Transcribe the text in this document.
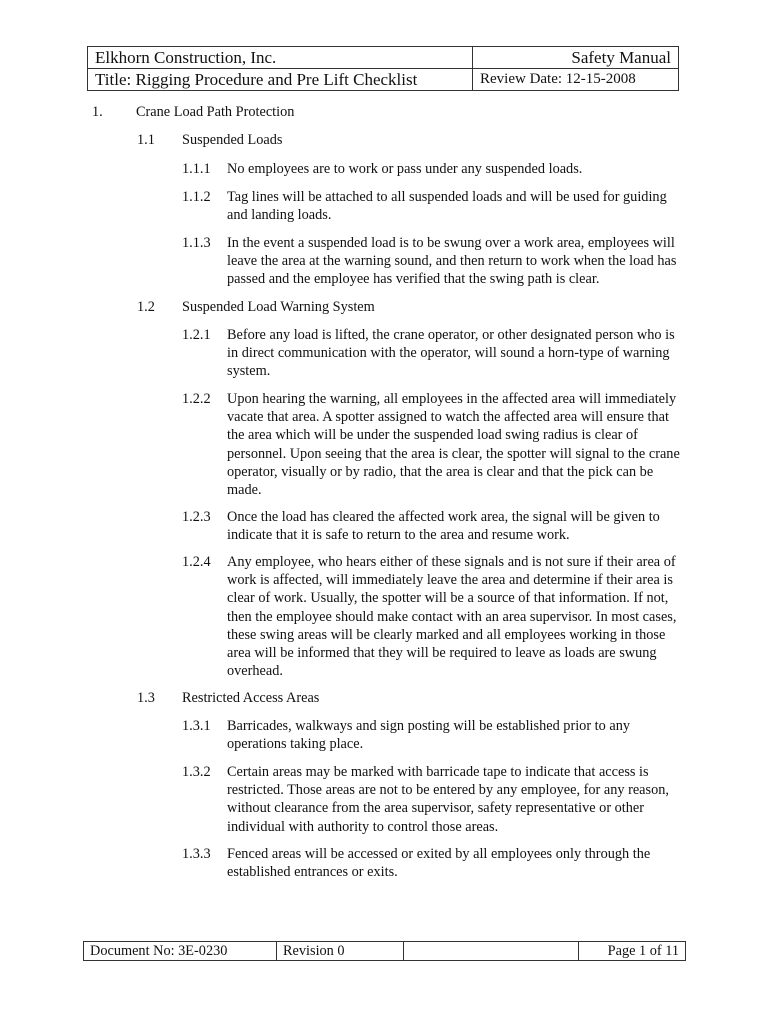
Elkhorn Construction, Inc.	Safety Manual
Title: Rigging Procedure and Pre Lift Checklist	Review Date: 12-15-2008
1. Crane Load Path Protection
1.1 Suspended Loads
1.1.1 No employees are to work or pass under any suspended loads.
1.1.2 Tag lines will be attached to all suspended loads and will be used for guiding and landing loads.
1.1.3 In the event a suspended load is to be swung over a work area, employees will leave the area at the warning sound, and then return to work when the load has passed and the employee has verified that the swing path is clear.
1.2 Suspended Load Warning System
1.2.1 Before any load is lifted, the crane operator, or other designated person who is in direct communication with the operator, will sound a horn-type of warning system.
1.2.2 Upon hearing the warning, all employees in the affected area will immediately vacate that area. A spotter assigned to watch the affected area will ensure that the area which will be under the suspended load swing radius is clear of personnel. Upon seeing that the area is clear, the spotter will signal to the crane operator, visually or by radio, that the area is clear and that the pick can be made.
1.2.3 Once the load has cleared the affected work area, the signal will be given to indicate that it is safe to return to the area and resume work.
1.2.4 Any employee, who hears either of these signals and is not sure if their area of work is affected, will immediately leave the area and determine if their area is clear of work. Usually, the spotter will be a source of that information. If not, then the employee should make contact with an area supervisor. In most cases, these swing areas will be clearly marked and all employees working in those area will be informed that they will be required to leave as loads are swung overhead.
1.3 Restricted Access Areas
1.3.1 Barricades, walkways and sign posting will be established prior to any operations taking place.
1.3.2 Certain areas may be marked with barricade tape to indicate that access is restricted. Those areas are not to be entered by any employee, for any reason, without clearance from the area supervisor, safety representative or other individual with authority to control those areas.
1.3.3 Fenced areas will be accessed or exited by all employees only through the established entrances or exits.
Document No: 3E-0230	Revision 0		Page 1 of 11
